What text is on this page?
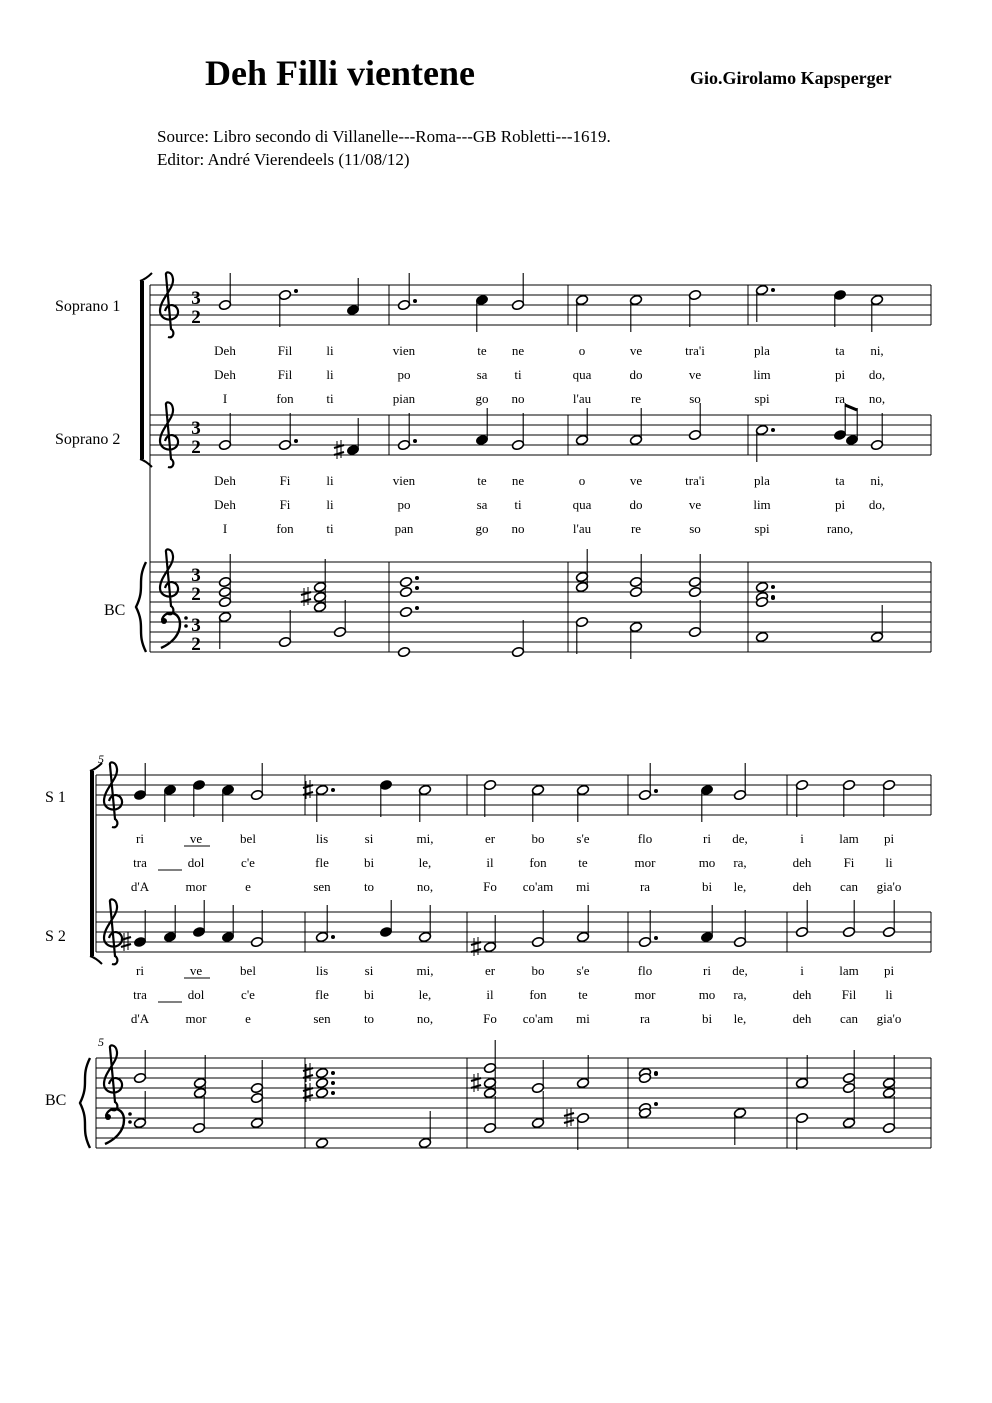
Deh Filli vientene	Gio.Girolamo Kapsperger
Source: Libro secondo di Villanelle---Roma---GB Robletti---1619.
Editor: André Vierendeels (11/08/12)
Soprano 1
Soprano 2
BC
3
2
3
2
3
2
3
2
Deh	Fil	li	vien	te ne	o	ve	tra'i	pla	ta ni,
Deh	Fil	li	po	sa ti	qua	do	ve	lim	pi do,
I	fon	ti	pian	go no	l'au	re	so	spi	ra no,
Deh	Fi	li	vien	te ne	o	ve	tra'i	pla	ta ni,
Deh	Fi	li	po	sa ti	qua	do	ve	lim	pi do,
I	fon	ti	pan	go no	l'au	re	so	spi	rano,
5
5
S 1
S 2
BC
ri	ve	bel	lis	si	mi,	er	bo s'e	flo	ri de,	i	lam pi
tra	dol	c'e	fle	bi	le,	il	fon te	mor	mo ra,	deh Fi li
d'A	mor	e	sen	to	no,	Fo co'am mi	ra	bi le,	deh can gia'o
ri	ve	bel	lis	si	mi,	er	bo s'e	flo	ri de,	i	lam pi
tra	dol	c'e	fle	bi	le,	il	fon te	mor	mo ra,	deh Fil li
d'A	mor	e	sen	to	no,	Fo co'am mi	ra	bi le,	deh can gia'o
